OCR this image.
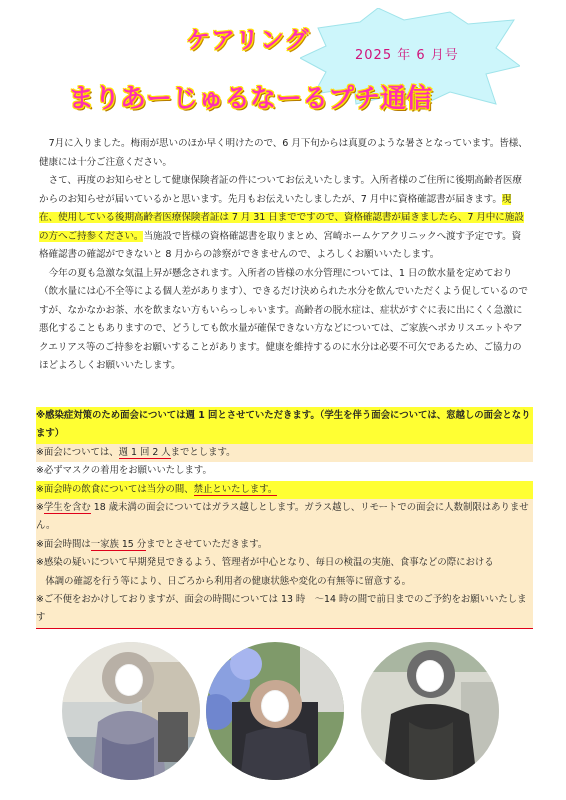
ケアリング
2025 年 6 月号
まりあーじゅるなーるプチ通信

7月に入りました。梅雨が思いのほか早く明けたので、6 月下旬からは真夏のような暑さとなっています。皆様、健康には十分ご注意ください。

さて、再度のお知らせとして健康保険者証の件についてお伝えいたします。入所者様のご住所に後期高齢者医療からのお知らせが届いているかと思います。先月もお伝えいたしましたが、7 月中に資格確認書が届きます。現在、使用している後期高齢者医療保険者証は 7 月 31 日までですので、資格確認書が届きましたら、7 月中に施設の方へご持参ください。当施設で皆様の資格確認書を取りまとめ、宮崎ホームケアクリニックへ渡す予定です。資格確認書の確認ができないと 8 月からの診察ができませんので、よろしくお願いいたします。

今年の夏も急激な気温上昇が懸念されます。入所者の皆様の水分管理については、1 日の飲水量を定めており（飲水量には心不全等による個人差があります）、できるだけ決められた水分を飲んでいただくよう促しているのですが、なかなかお茶、水を飲まない方もいらっしゃいます。高齢者の脱水症は、症状がすぐに表に出にくく急激に悪化することもありますので、どうしても飲水量が確保できない方などについては、ご家族へポカリスエットやアクエリアス等のご持参をお願いすることがあります。健康を維持するのに水分は必要不可欠であるため、ご協力のほどよろしくお願いいたします。

※感染症対策のため面会については週 1 回とさせていただきます。（学生を伴う面会については、窓越しの面会となります）
※面会については、週 1 回 2 人までとします。
※必ずマスクの着用をお願いいたします。
※面会時の飲食については当分の間、禁止といたします。
※学生を含む 18 歳未満の面会についてはガラス越しとします。ガラス越し、リモートでの面会に人数制限はありません。
※面会時間は一家族 15 分までとさせていただきます。
※感染の疑いについて早期発見できるよう、管理者が中心となり、毎日の検温の実施、食事などの際における
体調の確認を行う等により、日ごろから利用者の健康状態や変化の有無等に留意する。
※ご不便をおかけしておりますが、面会の時間については 13 時　～14 時の間で前日までのご予約をお願いいたします
